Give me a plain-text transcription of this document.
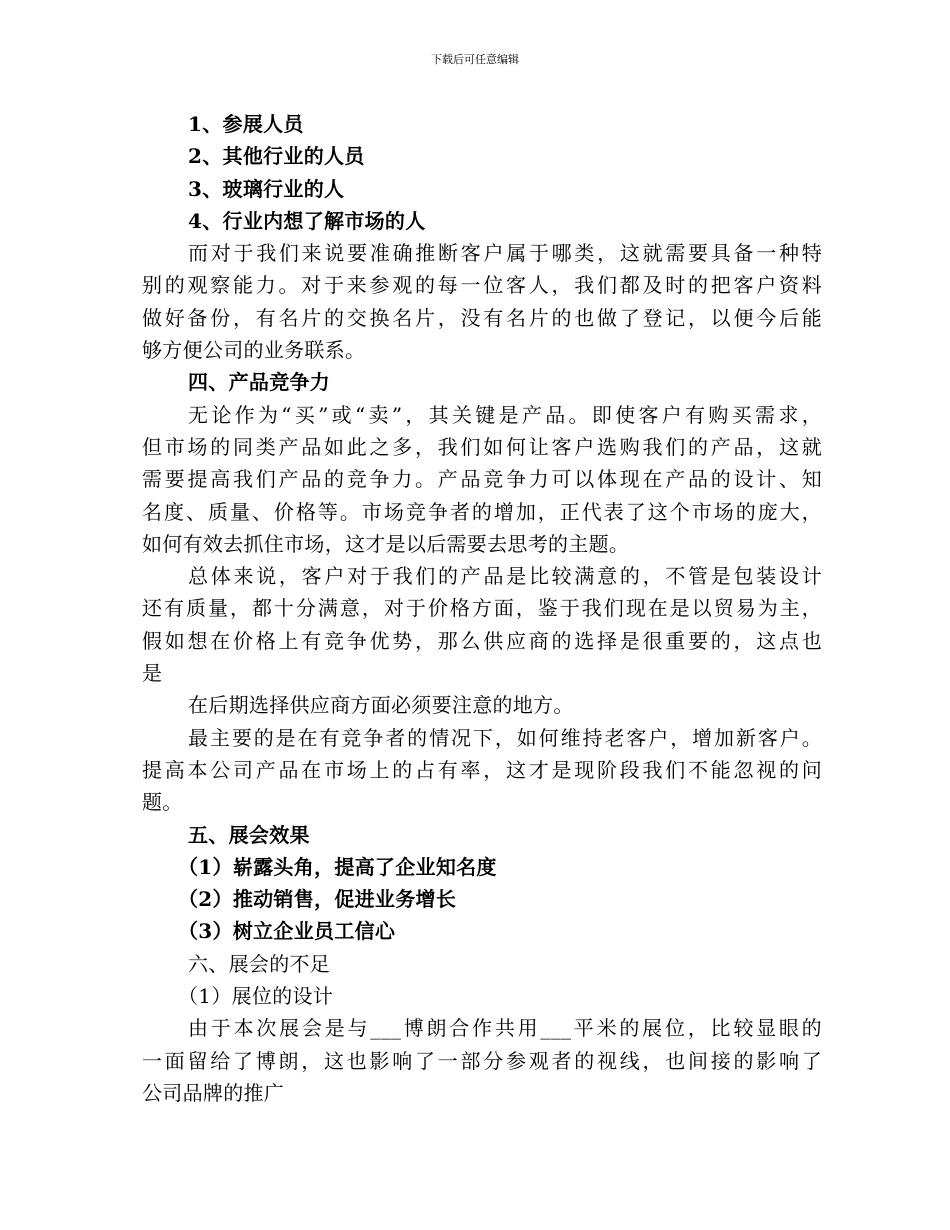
下载后可任意编辑
1、参展人员
2、其他行业的人员
3、玻璃行业的人
4、行业内想了解市场的人
而对于我们来说要准确推断客户属于哪类，这就需要具备一种特
别的观察能力。对于来参观的每一位客人，我们都及时的把客户资料
做好备份，有名片的交换名片，没有名片的也做了登记，以便今后能
够方便公司的业务联系。
四、产品竞争力
无论作为“买”或“卖”，其关键是产品。即使客户有购买需求，
但市场的同类产品如此之多，我们如何让客户选购我们的产品，这就
需要提高我们产品的竞争力。产品竞争力可以体现在产品的设计、知
名度、质量、价格等。市场竞争者的增加，正代表了这个市场的庞大，
如何有效去抓住市场，这才是以后需要去思考的主题。
总体来说，客户对于我们的产品是比较满意的，不管是包装设计
还有质量，都十分满意，对于价格方面，鉴于我们现在是以贸易为主，
假如想在价格上有竞争优势，那么供应商的选择是很重要的，这点也
是
在后期选择供应商方面必须要注意的地方。
最主要的是在有竞争者的情况下，如何维持老客户，增加新客户。
提高本公司产品在市场上的占有率，这才是现阶段我们不能忽视的问
题。
五、展会效果
（1）崭露头角，提高了企业知名度
（2）推动销售，促进业务增长
（3）树立企业员工信心
六、展会的不足
（1）展位的设计
由于本次展会是与___博朗合作共用___平米的展位，比较显眼的
一面留给了博朗，这也影响了一部分参观者的视线，也间接的影响了
公司品牌的推广
